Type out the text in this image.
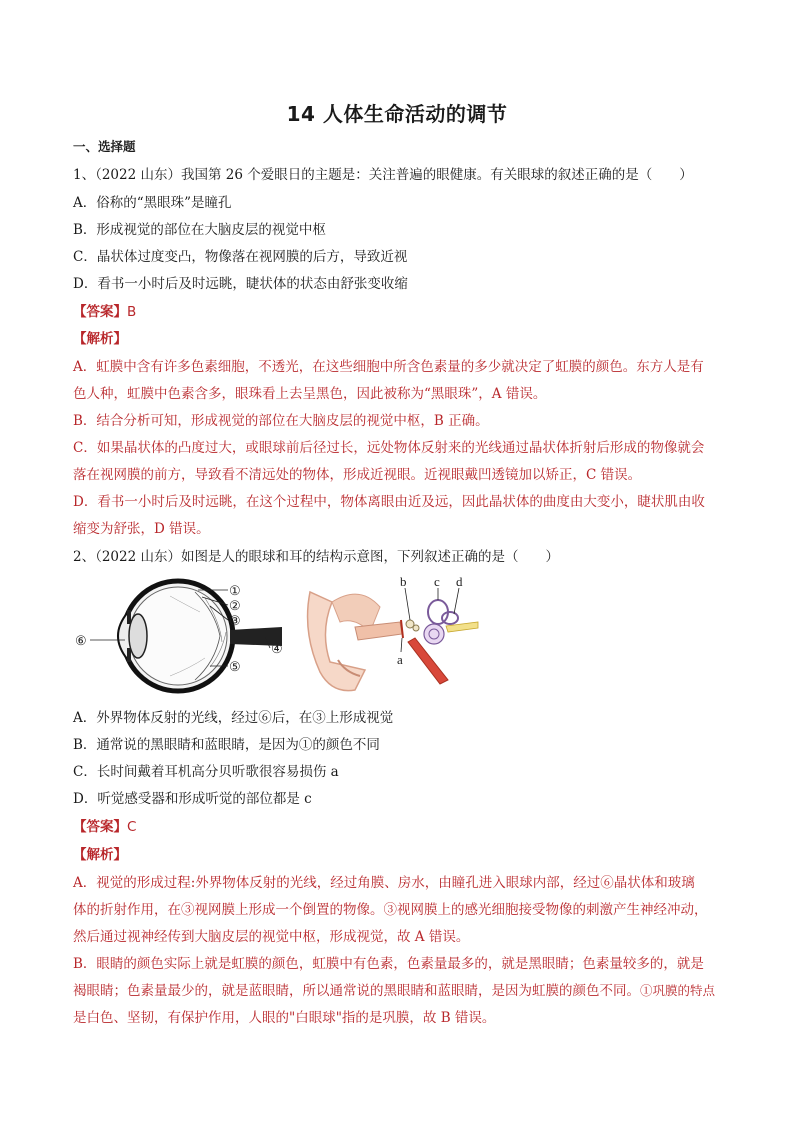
14 人体生命活动的调节
一、选择题
1、（2022 山东）我国第 26 个爱眼日的主题是：关注普遍的眼健康。有关眼球的叙述正确的是（　　）
A．俗称的“黑眼珠”是瞳孔
B．形成视觉的部位在大脑皮层的视觉中枢
C．晶状体过度变凸，物像落在视网膜的后方，导致近视
D．看书一小时后及时远眺，睫状体的状态由舒张变收缩
【答案】B
【解析】
A．虹膜中含有许多色素细胞，不透光，在这些细胞中所含色素量的多少就决定了虹膜的颜色。东方人是有
色人种，虹膜中色素含多，眼珠看上去呈黑色，因此被称为“黑眼珠”，A 错误。
B．结合分析可知，形成视觉的部位在大脑皮层的视觉中枢，B 正确。
C．如果晶状体的凸度过大，或眼球前后径过长，远处物体反射来的光线通过晶状体折射后形成的物像就会
落在视网膜的前方，导致看不清远处的物体，形成近视眼。近视眼戴凹透镜加以矫正，C 错误。
D．看书一小时后及时远眺，在这个过程中，物体离眼由近及远，因此晶状体的曲度由大变小，睫状肌由收
缩变为舒张，D 错误。
2、（2022 山东）如图是人的眼球和耳的结构示意图，下列叙述正确的是（　　）
①
②
③
④
⑤
⑥
b c d
a
A．外界物体反射的光线，经过⑥后，在③上形成视觉
B．通常说的黑眼睛和蓝眼睛，是因为①的颜色不同
C．长时间戴着耳机高分贝听歌很容易损伤 a
D．听觉感受器和形成听觉的部位都是 c
【答案】C
【解析】
A．视觉的形成过程:外界物体反射的光线，经过角膜、房水，由瞳孔进入眼球内部，经过⑥晶状体和玻璃
体的折射作用，在③视网膜上形成一个倒置的物像。③视网膜上的感光细胞接受物像的刺激产生神经冲动，
然后通过视神经传到大脑皮层的视觉中枢，形成视觉，故 A 错误。
B．眼睛的颜色实际上就是虹膜的颜色，虹膜中有色素，色素量最多的，就是黑眼睛；色素量较多的，就是
褐眼睛；色素量最少的，就是蓝眼睛，所以通常说的黑眼睛和蓝眼睛，是因为虹膜的颜色不同。①巩膜的特点
是白色、坚韧，有保护作用，人眼的"白眼球"指的是巩膜，故 B 错误。
